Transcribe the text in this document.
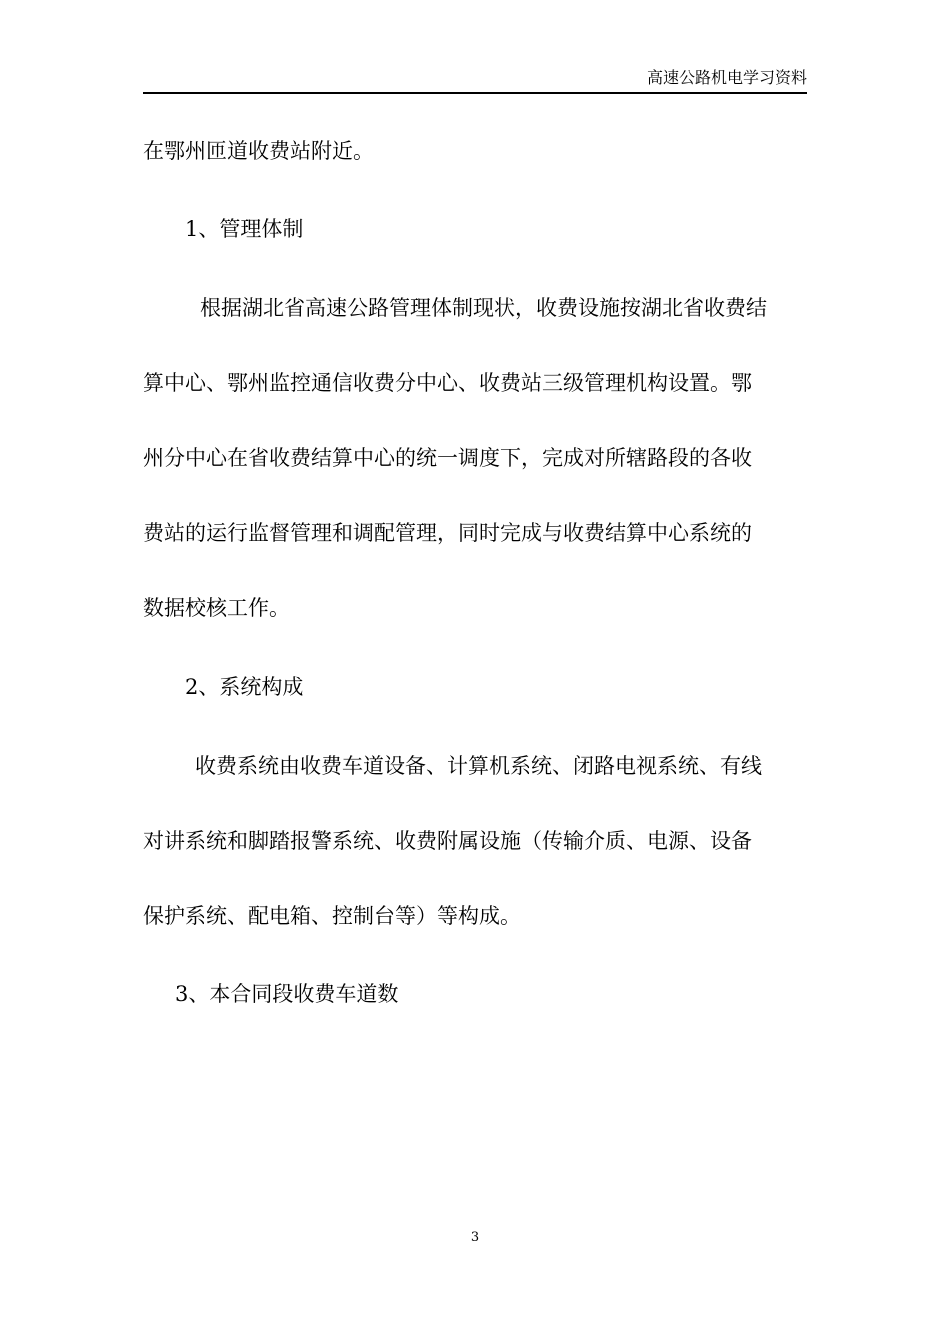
高速公路机电学习资料
在鄂州匝道收费站附近。
1、管理体制
根据湖北省高速公路管理体制现状，收费设施按湖北省收费结
算中心、鄂州监控通信收费分中心、收费站三级管理机构设置。鄂
州分中心在省收费结算中心的统一调度下，完成对所辖路段的各收
费站的运行监督管理和调配管理，同时完成与收费结算中心系统的
数据校核工作。
2、系统构成
收费系统由收费车道设备、计算机系统、闭路电视系统、有线
对讲系统和脚踏报警系统、收费附属设施（传输介质、电源、设备
保护系统、配电箱、控制台等）等构成。
3、本合同段收费车道数
3
